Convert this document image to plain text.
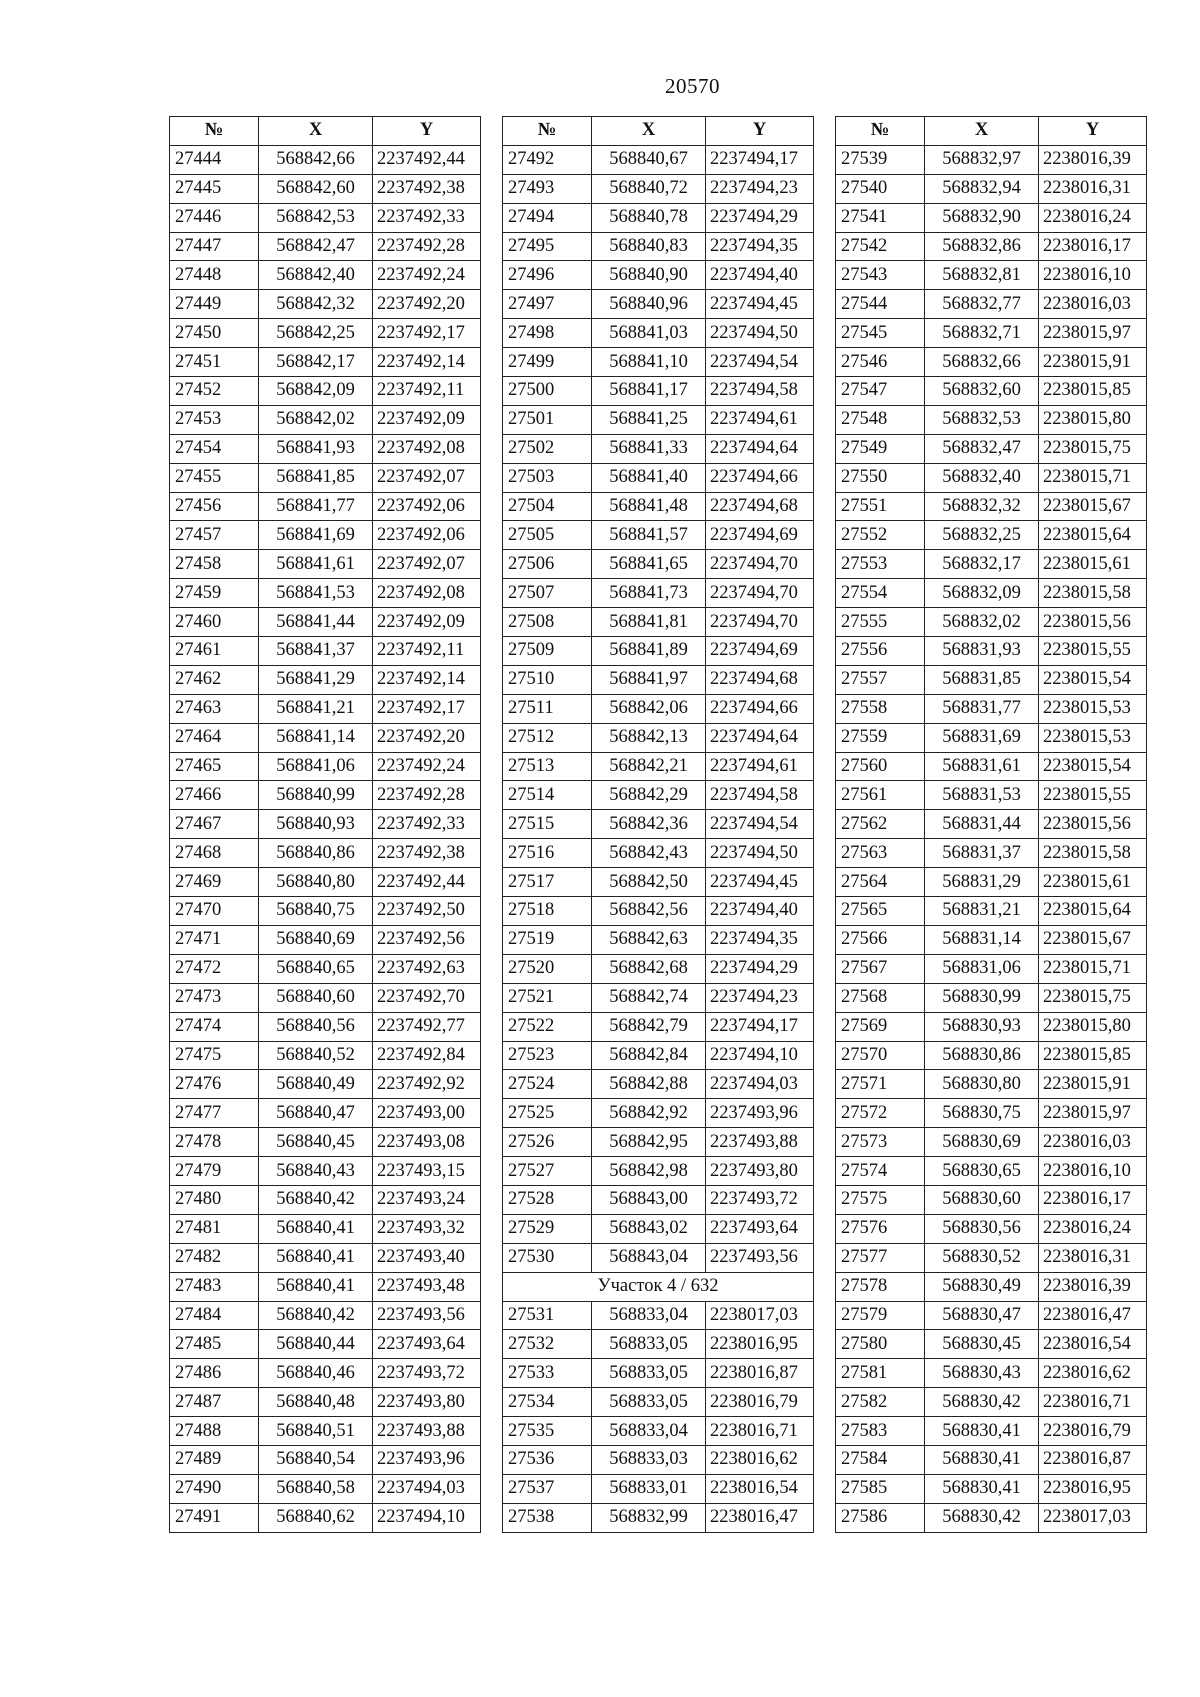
20570
№	X	Y
27444	568842,66	2237492,44
27445	568842,60	2237492,38
27446	568842,53	2237492,33
27447	568842,47	2237492,28
27448	568842,40	2237492,24
27449	568842,32	2237492,20
27450	568842,25	2237492,17
27451	568842,17	2237492,14
27452	568842,09	2237492,11
27453	568842,02	2237492,09
27454	568841,93	2237492,08
27455	568841,85	2237492,07
27456	568841,77	2237492,06
27457	568841,69	2237492,06
27458	568841,61	2237492,07
27459	568841,53	2237492,08
27460	568841,44	2237492,09
27461	568841,37	2237492,11
27462	568841,29	2237492,14
27463	568841,21	2237492,17
27464	568841,14	2237492,20
27465	568841,06	2237492,24
27466	568840,99	2237492,28
27467	568840,93	2237492,33
27468	568840,86	2237492,38
27469	568840,80	2237492,44
27470	568840,75	2237492,50
27471	568840,69	2237492,56
27472	568840,65	2237492,63
27473	568840,60	2237492,70
27474	568840,56	2237492,77
27475	568840,52	2237492,84
27476	568840,49	2237492,92
27477	568840,47	2237493,00
27478	568840,45	2237493,08
27479	568840,43	2237493,15
27480	568840,42	2237493,24
27481	568840,41	2237493,32
27482	568840,41	2237493,40
27483	568840,41	2237493,48
27484	568840,42	2237493,56
27485	568840,44	2237493,64
27486	568840,46	2237493,72
27487	568840,48	2237493,80
27488	568840,51	2237493,88
27489	568840,54	2237493,96
27490	568840,58	2237494,03
27491	568840,62	2237494,10
№	X	Y
27492	568840,67	2237494,17
27493	568840,72	2237494,23
27494	568840,78	2237494,29
27495	568840,83	2237494,35
27496	568840,90	2237494,40
27497	568840,96	2237494,45
27498	568841,03	2237494,50
27499	568841,10	2237494,54
27500	568841,17	2237494,58
27501	568841,25	2237494,61
27502	568841,33	2237494,64
27503	568841,40	2237494,66
27504	568841,48	2237494,68
27505	568841,57	2237494,69
27506	568841,65	2237494,70
27507	568841,73	2237494,70
27508	568841,81	2237494,70
27509	568841,89	2237494,69
27510	568841,97	2237494,68
27511	568842,06	2237494,66
27512	568842,13	2237494,64
27513	568842,21	2237494,61
27514	568842,29	2237494,58
27515	568842,36	2237494,54
27516	568842,43	2237494,50
27517	568842,50	2237494,45
27518	568842,56	2237494,40
27519	568842,63	2237494,35
27520	568842,68	2237494,29
27521	568842,74	2237494,23
27522	568842,79	2237494,17
27523	568842,84	2237494,10
27524	568842,88	2237494,03
27525	568842,92	2237493,96
27526	568842,95	2237493,88
27527	568842,98	2237493,80
27528	568843,00	2237493,72
27529	568843,02	2237493,64
27530	568843,04	2237493,56
Участок 4 / 632		
27531	568833,04	2238017,03
27532	568833,05	2238016,95
27533	568833,05	2238016,87
27534	568833,05	2238016,79
27535	568833,04	2238016,71
27536	568833,03	2238016,62
27537	568833,01	2238016,54
27538	568832,99	2238016,47
№	X	Y
27539	568832,97	2238016,39
27540	568832,94	2238016,31
27541	568832,90	2238016,24
27542	568832,86	2238016,17
27543	568832,81	2238016,10
27544	568832,77	2238016,03
27545	568832,71	2238015,97
27546	568832,66	2238015,91
27547	568832,60	2238015,85
27548	568832,53	2238015,80
27549	568832,47	2238015,75
27550	568832,40	2238015,71
27551	568832,32	2238015,67
27552	568832,25	2238015,64
27553	568832,17	2238015,61
27554	568832,09	2238015,58
27555	568832,02	2238015,56
27556	568831,93	2238015,55
27557	568831,85	2238015,54
27558	568831,77	2238015,53
27559	568831,69	2238015,53
27560	568831,61	2238015,54
27561	568831,53	2238015,55
27562	568831,44	2238015,56
27563	568831,37	2238015,58
27564	568831,29	2238015,61
27565	568831,21	2238015,64
27566	568831,14	2238015,67
27567	568831,06	2238015,71
27568	568830,99	2238015,75
27569	568830,93	2238015,80
27570	568830,86	2238015,85
27571	568830,80	2238015,91
27572	568830,75	2238015,97
27573	568830,69	2238016,03
27574	568830,65	2238016,10
27575	568830,60	2238016,17
27576	568830,56	2238016,24
27577	568830,52	2238016,31
27578	568830,49	2238016,39
27579	568830,47	2238016,47
27580	568830,45	2238016,54
27581	568830,43	2238016,62
27582	568830,42	2238016,71
27583	568830,41	2238016,79
27584	568830,41	2238016,87
27585	568830,41	2238016,95
27586	568830,42	2238017,03
